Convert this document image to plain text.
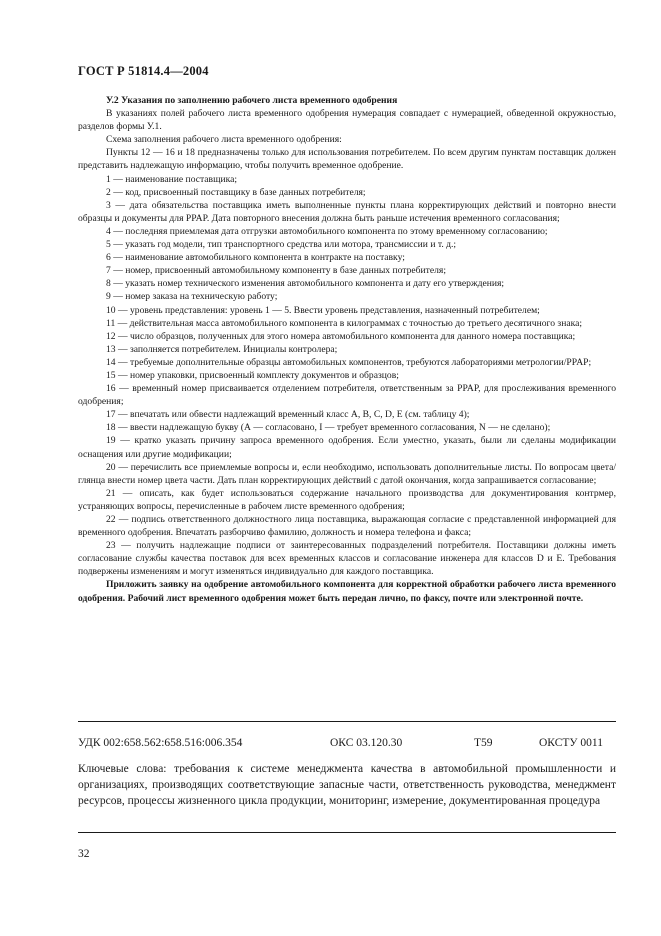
ГОСТ Р 51814.4—2004

У.2 Указания по заполнению рабочего листа временного одобрения

В указаниях полей рабочего листа временного одобрения нумерация совпадает с нумерацией, обведенной окружностью, разделов формы У.1.

Схема заполнения рабочего листа временного одобрения:

Пункты 12 — 16 и 18 предназначены только для использования потребителем. По всем другим пунктам поставщик должен представить надлежащую информацию, чтобы получить временное одобрение.

1 — наименование поставщика;

2 — код, присвоенный поставщику в базе данных потребителя;

3 — дата обязательства поставщика иметь выполненные пункты плана корректирующих действий и повторно внести образцы и документы для PPAP. Дата повторного внесения должна быть раньше истечения временного согласования;

4 — последняя приемлемая дата отгрузки автомобильного компонента по этому временному согласованию;

5 — указать год модели, тип транспортного средства или мотора, трансмиссии и т. д.;

6 — наименование автомобильного компонента в контракте на поставку;

7 — номер, присвоенный автомобильному компоненту в базе данных потребителя;

8 — указать номер технического изменения автомобильного компонента и дату его утверждения;

9 — номер заказа на техническую работу;

10 — уровень представления: уровень 1 — 5. Ввести уровень представления, назначенный потребителем;

11 — действительная масса автомобильного компонента в килограммах с точностью до третьего десятичного знака;

12 — число образцов, полученных для этого номера автомобильного компонента для данного номера поставщика;

13 — заполняется потребителем. Инициалы контролера;

14 — требуемые дополнительные образцы автомобильных компонентов, требуются лабораториями метрологии/PPAP;

15 — номер упаковки, присвоенный комплекту документов и образцов;

16 — временный номер присваивается отделением потребителя, ответственным за PPAP, для прослеживания временного одобрения;

17 — впечатать или обвести надлежащий временный класс А, В, С, D, Е (см. таблицу 4);

18 — ввести надлежащую букву (А — согласовано, I — требует временного согласования, N — не сделано);

19 — кратко указать причину запроса временного одобрения. Если уместно, указать, были ли сделаны модификации оснащения или другие модификации;

20 — перечислить все приемлемые вопросы и, если необходимо, использовать дополнительные листы. По вопросам цвета/глянца внести номер цвета части. Дать план корректирующих действий с датой окончания, когда запрашивается согласование;

21 — описать, как будет использоваться содержание начального производства для документирования контрмер, устраняющих вопросы, перечисленные в рабочем листе временного одобрения;

22 — подпись ответственного должностного лица поставщика, выражающая согласие с представленной информацией для временного одобрения. Впечатать разборчиво фамилию, должность и номера телефона и факса;

23 — получить надлежащие подписи от заинтересованных подразделений потребителя. Поставщики должны иметь согласование службы качества поставок для всех временных классов и согласование инженера для классов D и Е. Требования подвержены изменениям и могут изменяться индивидуально для каждого поставщика.

Приложить заявку на одобрение автомобильного компонента для корректной обработки рабочего листа временного одобрения. Рабочий лист временного одобрения может быть передан лично, по факсу, почте или электронной почте.

УДК 002:658.562:658.516:006.354	ОКС 03.120.30	Т59	ОКСТУ 0011
Ключевые слова: требования к системе менеджмента качества в автомобильной промышленности и организациях, производящих соответствующие запасные части, ответственность руководства, менеджмент ресурсов, процессы жизненного цикла продукции, мониторинг, измерение, документированная процедура
32
